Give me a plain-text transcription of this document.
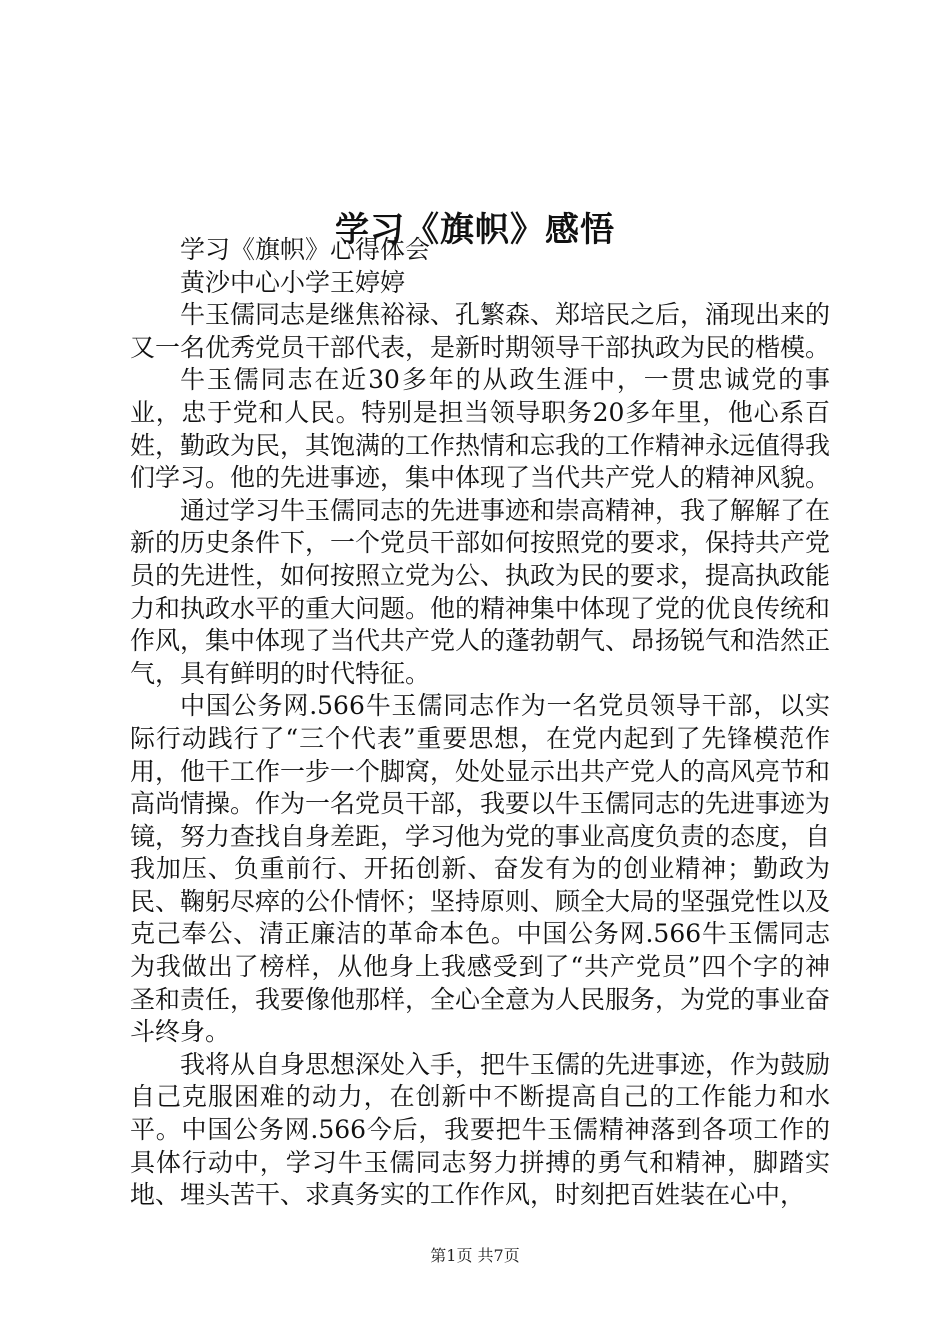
学习《旗帜》感悟

学习《旗帜》心得体会

黄沙中心小学王婷婷

牛玉儒同志是继焦裕禄、孔繁森、郑培民之后，涌现出来的又一名优秀党员干部代表，是新时期领导干部执政为民的楷模。

牛玉儒同志在近30多年的从政生涯中，一贯忠诚党的事业，忠于党和人民。特别是担当领导职务20多年里，他心系百姓，勤政为民，其饱满的工作热情和忘我的工作精神永远值得我们学习。他的先进事迹，集中体现了当代共产党人的精神风貌。

通过学习牛玉儒同志的先进事迹和崇高精神，我了解解了在新的历史条件下，一个党员干部如何按照党的要求，保持共产党员的先进性，如何按照立党为公、执政为民的要求，提高执政能力和执政水平的重大问题。他的精神集中体现了党的优良传统和作风，集中体现了当代共产党人的蓬勃朝气、昂扬锐气和浩然正气，具有鲜明的时代特征。

中国公务网.566牛玉儒同志作为一名党员领导干部，以实际行动践行了“三个代表”重要思想，在党内起到了先锋模范作用，他干工作一步一个脚窝，处处显示出共产党人的高风亮节和高尚情操。作为一名党员干部，我要以牛玉儒同志的先进事迹为镜，努力查找自身差距，学习他为党的事业高度负责的态度，自我加压、负重前行、开拓创新、奋发有为的创业精神；勤政为民、鞠躬尽瘁的公仆情怀；坚持原则、顾全大局的坚强党性以及克己奉公、清正廉洁的革命本色。中国公务网.566牛玉儒同志为我做出了榜样，从他身上我感受到了“共产党员”四个字的神圣和责任，我要像他那样，全心全意为人民服务，为党的事业奋斗终身。

我将从自身思想深处入手，把牛玉儒的先进事迹，作为鼓励自己克服困难的动力，在创新中不断提高自己的工作能力和水平。中国公务网.566今后，我要把牛玉儒精神落到各项工作的具体行动中，学习牛玉儒同志努力拼搏的勇气和精神，脚踏实地、埋头苦干、求真务实的工作作风，时刻把百姓装在心中，

第1页 共7页
